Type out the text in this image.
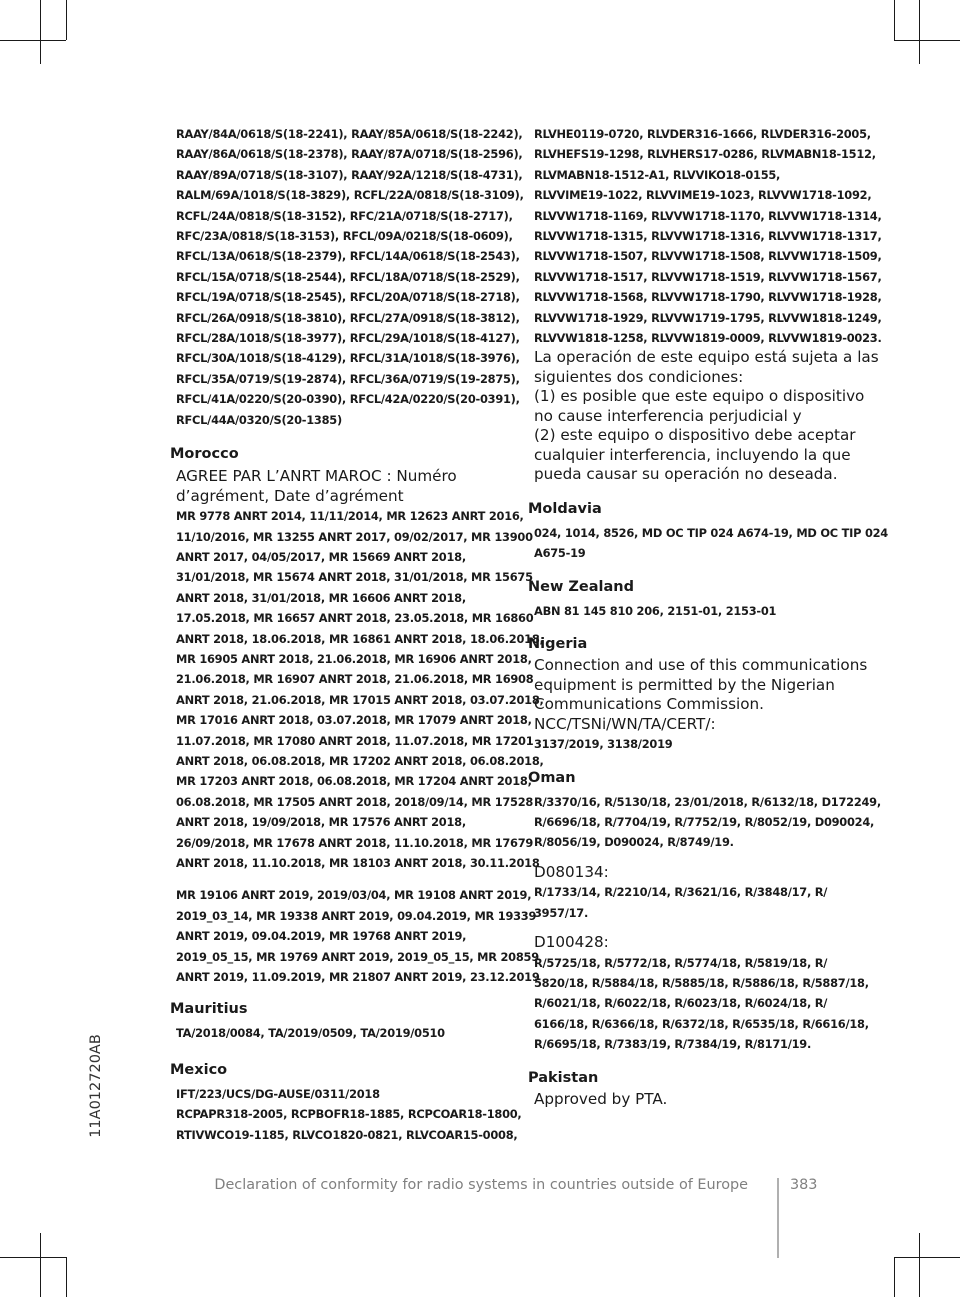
RAAY/84A/0618/S(18-2241), RAAY/85A/0618/S(18-2242),
RAAY/86A/0618/S(18-2378), RAAY/87A/0718/S(18-2596),
RAAY/89A/0718/S(18-3107), RAAY/92A/1218/S(18-4731),
RALM/69A/1018/S(18-3829), RCFL/22A/0818/S(18-3109),
RCFL/24A/0818/S(18-3152), RFC/21A/0718/S(18-2717),
RFC/23A/0818/S(18-3153), RFCL/09A/0218/S(18-0609),
RFCL/13A/0618/S(18-2379), RFCL/14A/0618/S(18-2543),
RFCL/15A/0718/S(18-2544), RFCL/18A/0718/S(18-2529),
RFCL/19A/0718/S(18-2545), RFCL/20A/0718/S(18-2718),
RFCL/26A/0918/S(18-3810), RFCL/27A/0918/S(18-3812),
RFCL/28A/1018/S(18-3977), RFCL/29A/1018/S(18-4127),
RFCL/30A/1018/S(18-4129), RFCL/31A/1018/S(18-3976),
RFCL/35A/0719/S(19-2874), RFCL/36A/0719/S(19-2875),
RFCL/41A/0220/S(20-0390), RFCL/42A/0220/S(20-0391),
RFCL/44A/0320/S(20-1385)
Morocco
AGREE PAR L’ANRT MAROC : Numéro
d’agrément, Date d’agrément
MR 9778 ANRT 2014, 11/11/2014, MR 12623 ANRT 2016,
11/10/2016, MR 13255 ANRT 2017, 09/02/2017, MR 13900
ANRT 2017, 04/05/2017, MR 15669 ANRT 2018,
31/01/2018, MR 15674 ANRT 2018, 31/01/2018, MR 15675
ANRT 2018, 31/01/2018, MR 16606 ANRT 2018,
17.05.2018, MR 16657 ANRT 2018, 23.05.2018, MR 16860
ANRT 2018, 18.06.2018, MR 16861 ANRT 2018, 18.06.2018,
MR 16905 ANRT 2018, 21.06.2018, MR 16906 ANRT 2018,
21.06.2018, MR 16907 ANRT 2018, 21.06.2018, MR 16908
ANRT 2018, 21.06.2018, MR 17015 ANRT 2018, 03.07.2018,
MR 17016 ANRT 2018, 03.07.2018, MR 17079 ANRT 2018,
11.07.2018, MR 17080 ANRT 2018, 11.07.2018, MR 17201
ANRT 2018, 06.08.2018, MR 17202 ANRT 2018, 06.08.2018,
MR 17203 ANRT 2018, 06.08.2018, MR 17204 ANRT 2018,
06.08.2018, MR 17505 ANRT 2018, 2018/09/14, MR 17528
ANRT 2018, 19/09/2018, MR 17576 ANRT 2018,
26/09/2018, MR 17678 ANRT 2018, 11.10.2018, MR 17679
ANRT 2018, 11.10.2018, MR 18103 ANRT 2018, 30.11.2018
MR 19106 ANRT 2019, 2019/03/04, MR 19108 ANRT 2019,
2019_03_14, MR 19338 ANRT 2019, 09.04.2019, MR 19339
ANRT 2019, 09.04.2019, MR 19768 ANRT 2019,
2019_05_15, MR 19769 ANRT 2019, 2019_05_15, MR 20859
ANRT 2019, 11.09.2019, MR 21807 ANRT 2019, 23.12.2019
Mauritius
TA/2018/0084, TA/2019/0509, TA/2019/0510
Mexico
IFT/223/UCS/DG-AUSE/0311/2018
RCPAPR318-2005, RCPBOFR18-1885, RCPCOAR18-1800,
RTIVWCO19-1185, RLVCO1820-0821, RLVCOAR15-0008,
RLVHE0119-0720, RLVDER316-1666, RLVDER316-2005,
RLVHEFS19-1298, RLVHERS17-0286, RLVMABN18-1512,
RLVMABN18-1512-A1, RLVVIKO18-0155,
RLVVIME19-1022, RLVVIME19-1023, RLVVW1718-1092,
RLVVW1718-1169, RLVVW1718-1170, RLVVW1718-1314,
RLVVW1718-1315, RLVVW1718-1316, RLVVW1718-1317,
RLVVW1718-1507, RLVVW1718-1508, RLVVW1718-1509,
RLVVW1718-1517, RLVVW1718-1519, RLVVW1718-1567,
RLVVW1718-1568, RLVVW1718-1790, RLVVW1718-1928,
RLVVW1718-1929, RLVVW1719-1795, RLVVW1818-1249,
RLVVW1818-1258, RLVVW1819-0009, RLVVW1819-0023.
La operación de este equipo está sujeta a las
siguientes dos condiciones:
(1) es posible que este equipo o dispositivo
no cause interferencia perjudicial y
(2) este equipo o dispositivo debe aceptar
cualquier interferencia, incluyendo la que
pueda causar su operación no deseada.
Moldavia
024, 1014, 8526, MD OC TIP 024 A674-19, MD OC TIP 024
A675-19
New Zealand
ABN 81 145 810 206, 2151-01, 2153-01
Nigeria
Connection and use of this communications
equipment is permitted by the Nigerian
Communications Commission.
NCC/TSNi/WN/TA/CERT/:
3137/2019, 3138/2019
Oman
R/3370/16, R/5130/18, 23/01/2018, R/6132/18, D172249,
R/6696/18, R/7704/19, R/7752/19, R/8052/19, D090024,
R/8056/19, D090024, R/8749/19.
D080134:
R/1733/14, R/2210/14, R/3621/16, R/3848/17, R/
3957/17.
D100428:
R/5725/18, R/5772/18, R/5774/18, R/5819/18, R/
5820/18, R/5884/18, R/5885/18, R/5886/18, R/5887/18,
R/6021/18, R/6022/18, R/6023/18, R/6024/18, R/
6166/18, R/6366/18, R/6372/18, R/6535/18, R/6616/18,
R/6695/18, R/7383/19, R/7384/19, R/8171/19.
Pakistan
Approved by PTA.
11A012720AB
Declaration of conformity for radio systems in countries outside of Europe	383
